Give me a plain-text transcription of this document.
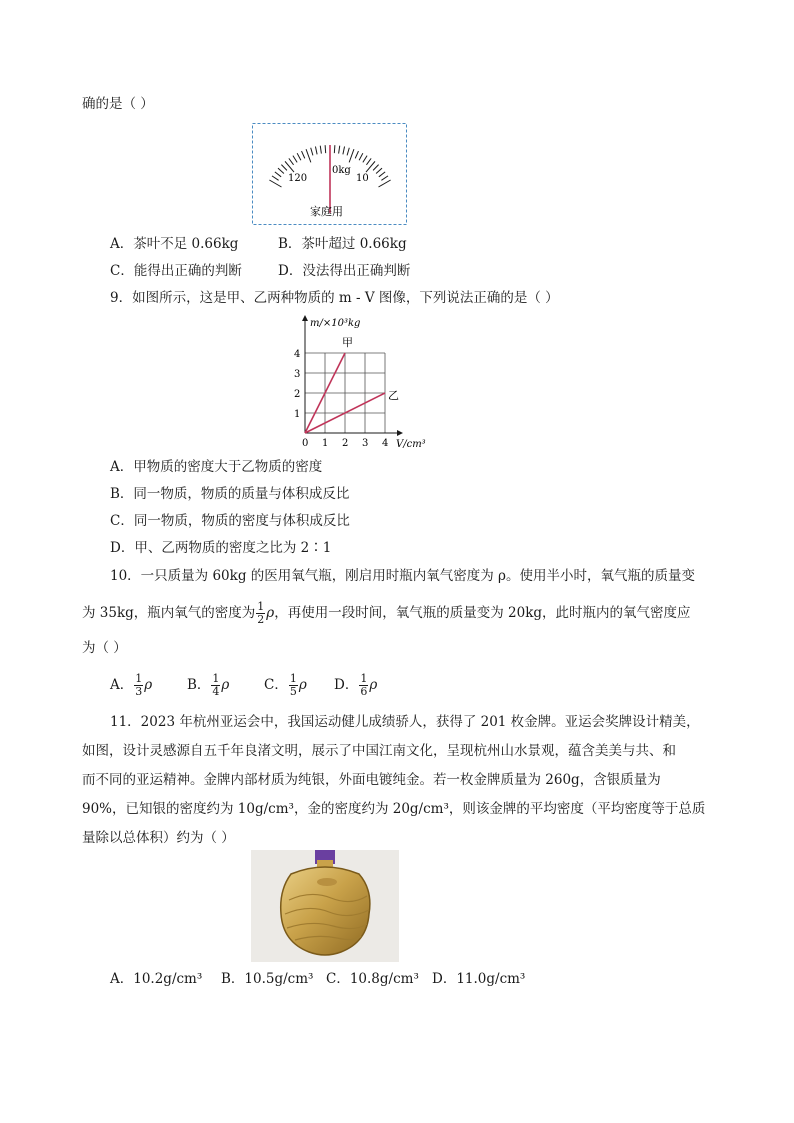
确的是（ ）
0kg
120	10
家庭用
A．茶叶不足 0.66kg	B．茶叶超过 0.66kg
C．能得出正确的判断	D．没法得出正确判断
9．如图所示，这是甲、乙两种物质的 m - V 图像，下列说法正确的是（ ）
1
2
3
4
0 1 2 3 4
m/×10³kg
V/cm³
甲
乙
A．甲物质的密度大于乙物质的密度
B．同一物质，物质的质量与体积成反比
C．同一物质，物质的密度与体积成反比
D．甲、乙两物质的密度之比为 2∶1
10．一只质量为 60kg 的医用氧气瓶，刚启用时瓶内氧气密度为 ρ。使用半小时，氧气瓶的质量变
为 35kg，瓶内氧气的密度为 $\frac{1}{2}$ ρ，再使用一段时间，氧气瓶的质量变为 20kg，此时瓶内的氧气密度应
为（ ）
A． $\frac{1}{3}$ ρ	B． $\frac{1}{4}$ ρ	C． $\frac{1}{5}$ ρ D． $\frac{1}{6}$ ρ
11．2023 年杭州亚运会中，我国运动健儿成绩骄人，获得了 201 枚金牌。亚运会奖牌设计精美，
如图，设计灵感源自五千年良渚文明，展示了中国江南文化，呈现杭州山水景观，蕴含美美与共、和
而不同的亚运精神。金牌内部材质为纯银，外面电镀纯金。若一枚金牌质量为 260g，含银质量为
90%，已知银的密度约为 10g/cm³，金的密度约为 20g/cm³，则该金牌的平均密度（平均密度等于总质
量除以总体积）约为（ ）
A．10.2g/cm³ B．10.5g/cm³ C．10.8g/cm³ D．11.0g/cm³
